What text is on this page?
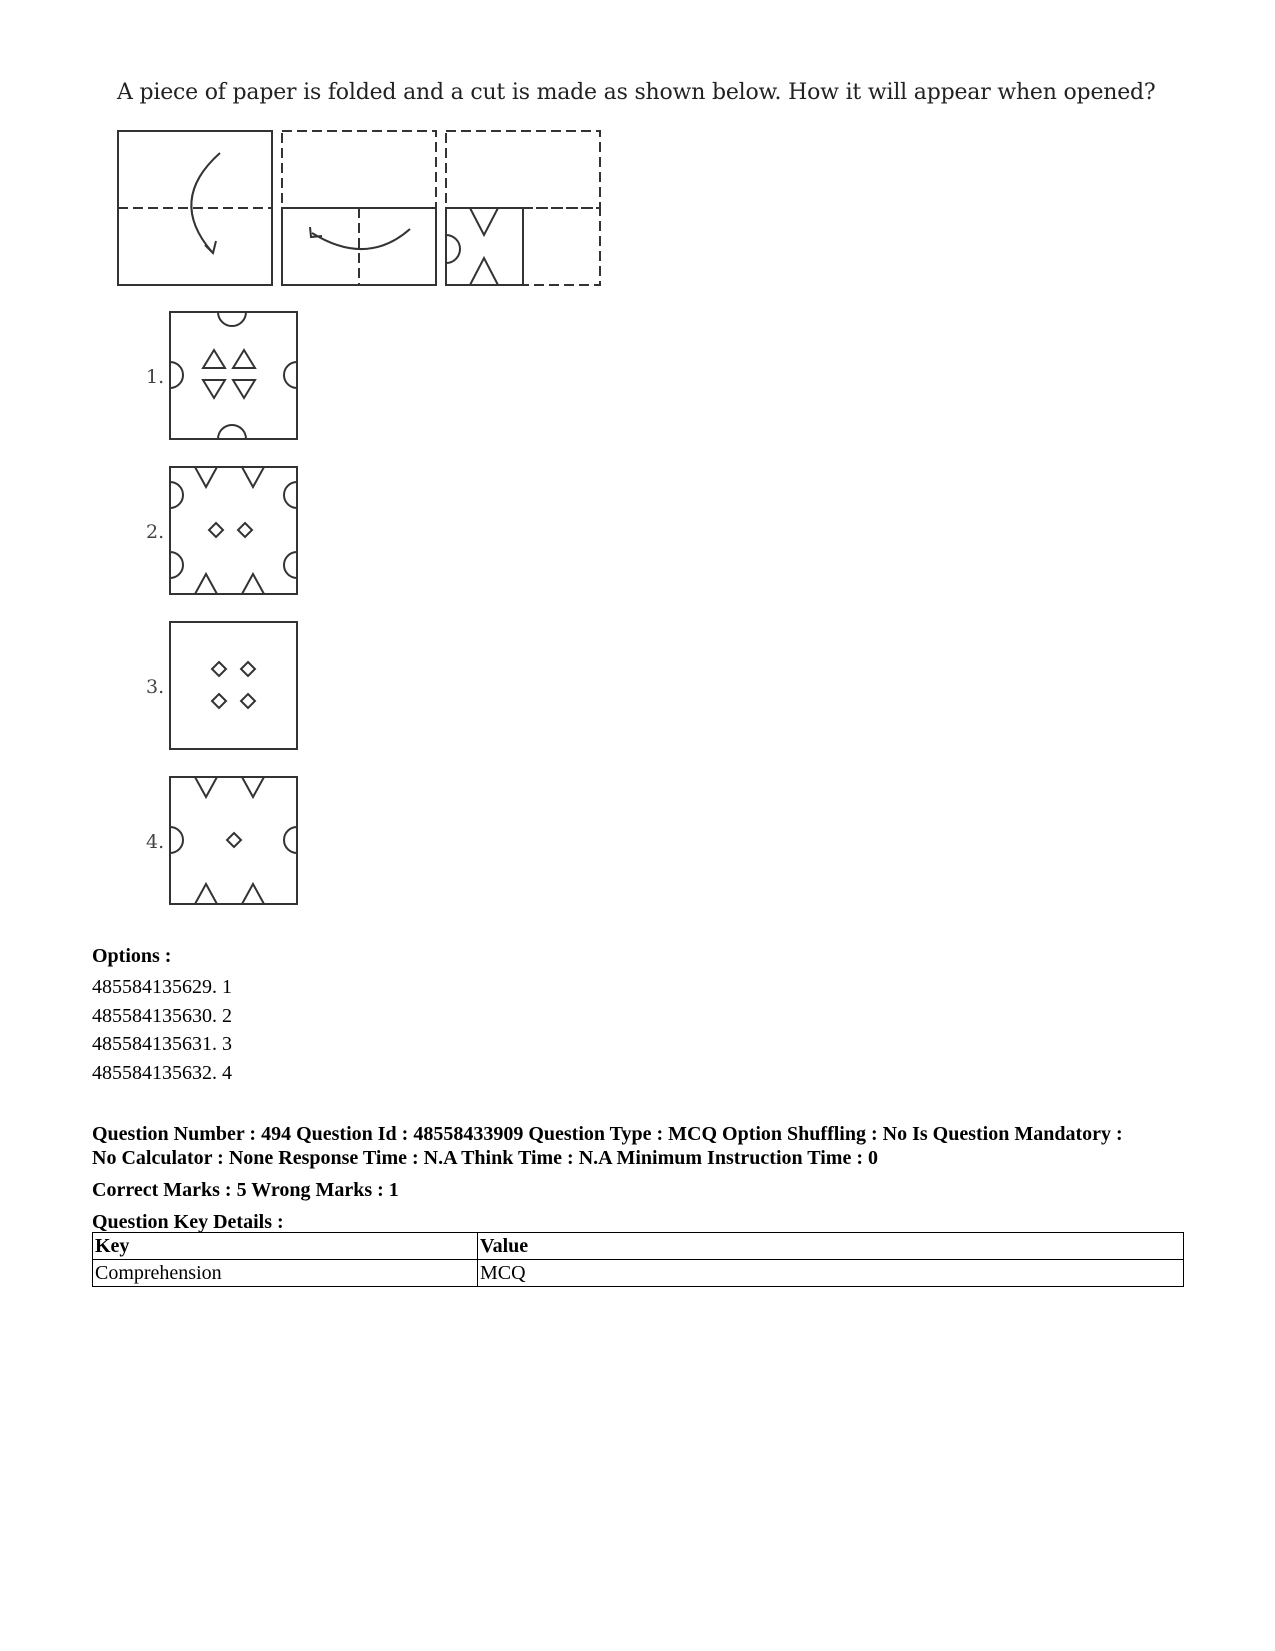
A piece of paper is folded and a cut is made as shown below. How it will appear when opened?

1.
2.
3.
4.
Options :
485584135629. 1
485584135630. 2
485584135631. 3
485584135632. 4
Question Number : 494 Question Id : 48558433909 Question Type : MCQ Option Shuffling : No Is Question Mandatory :
No Calculator : None Response Time : N.A Think Time : N.A Minimum Instruction Time : 0
Correct Marks : 5 Wrong Marks : 1
Question Key Details :
Key	Value
Comprehension	MCQ
